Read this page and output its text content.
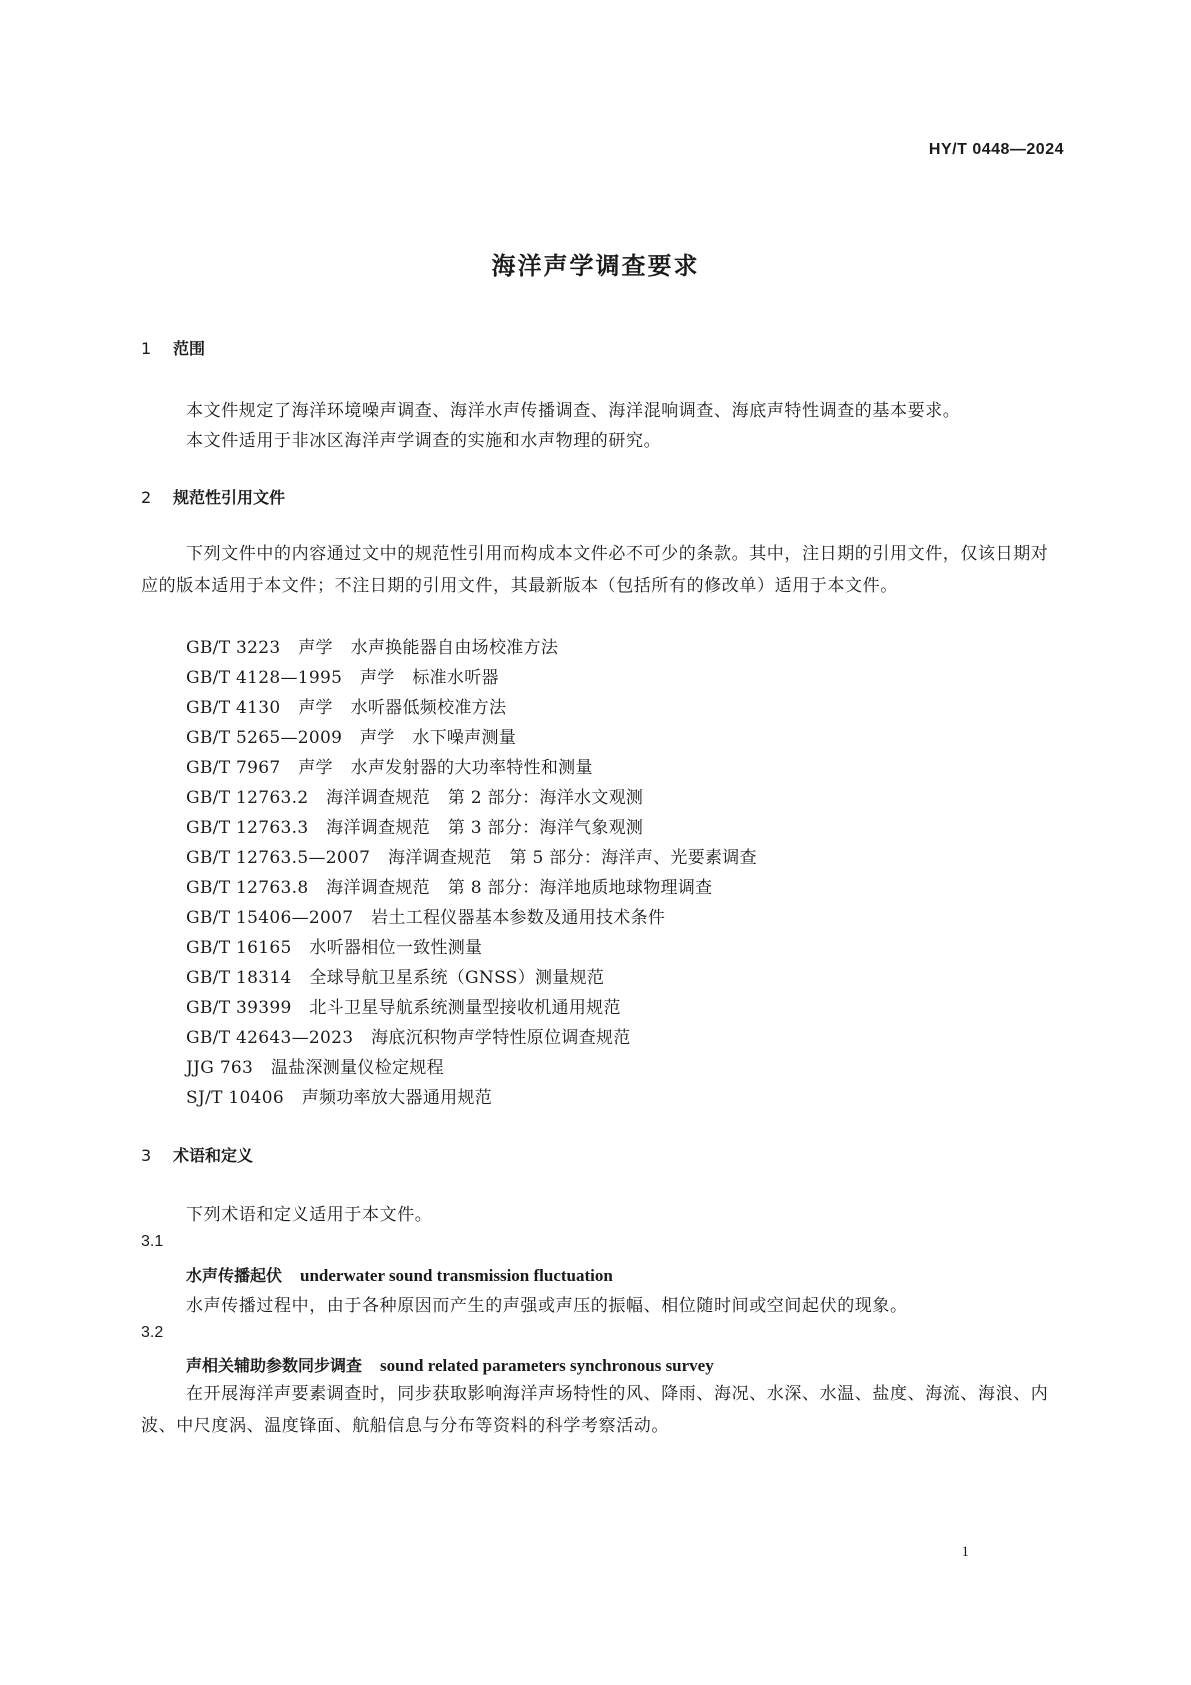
HY/T 0448—2024
海洋声学调查要求
1 范围
本文件规定了海洋环境噪声调查、海洋水声传播调查、海洋混响调查、海底声特性调查的基本要求。
本文件适用于非冰区海洋声学调查的实施和水声物理的研究。
2 规范性引用文件
下列文件中的内容通过文中的规范性引用而构成本文件必不可少的条款。其中，注日期的引用文件，仅该日期对应的版本适用于本文件；不注日期的引用文件，其最新版本（包括所有的修改单）适用于本文件。
GB/T 3223 声学 水声换能器自由场校准方法
GB/T 4128—1995 声学 标准水听器
GB/T 4130 声学 水听器低频校准方法
GB/T 5265—2009 声学 水下噪声测量
GB/T 7967 声学 水声发射器的大功率特性和测量
GB/T 12763.2 海洋调查规范 第 2 部分：海洋水文观测
GB/T 12763.3 海洋调查规范 第 3 部分：海洋气象观测
GB/T 12763.5—2007 海洋调查规范 第 5 部分：海洋声、光要素调查
GB/T 12763.8 海洋调查规范 第 8 部分：海洋地质地球物理调查
GB/T 15406—2007 岩土工程仪器基本参数及通用技术条件
GB/T 16165 水听器相位一致性测量
GB/T 18314 全球导航卫星系统（GNSS）测量规范
GB/T 39399 北斗卫星导航系统测量型接收机通用规范
GB/T 42643—2023 海底沉积物声学特性原位调查规范
JJG 763 温盐深测量仪检定规程
SJ/T 10406 声频功率放大器通用规范
3 术语和定义
下列术语和定义适用于本文件。
3.1
水声传播起伏 underwater sound transmission fluctuation
水声传播过程中，由于各种原因而产生的声强或声压的振幅、相位随时间或空间起伏的现象。
3.2
声相关辅助参数同步调查 sound related parameters synchronous survey
在开展海洋声要素调查时，同步获取影响海洋声场特性的风、降雨、海况、水深、水温、盐度、海流、海浪、内波、中尺度涡、温度锋面、航船信息与分布等资料的科学考察活动。
1
